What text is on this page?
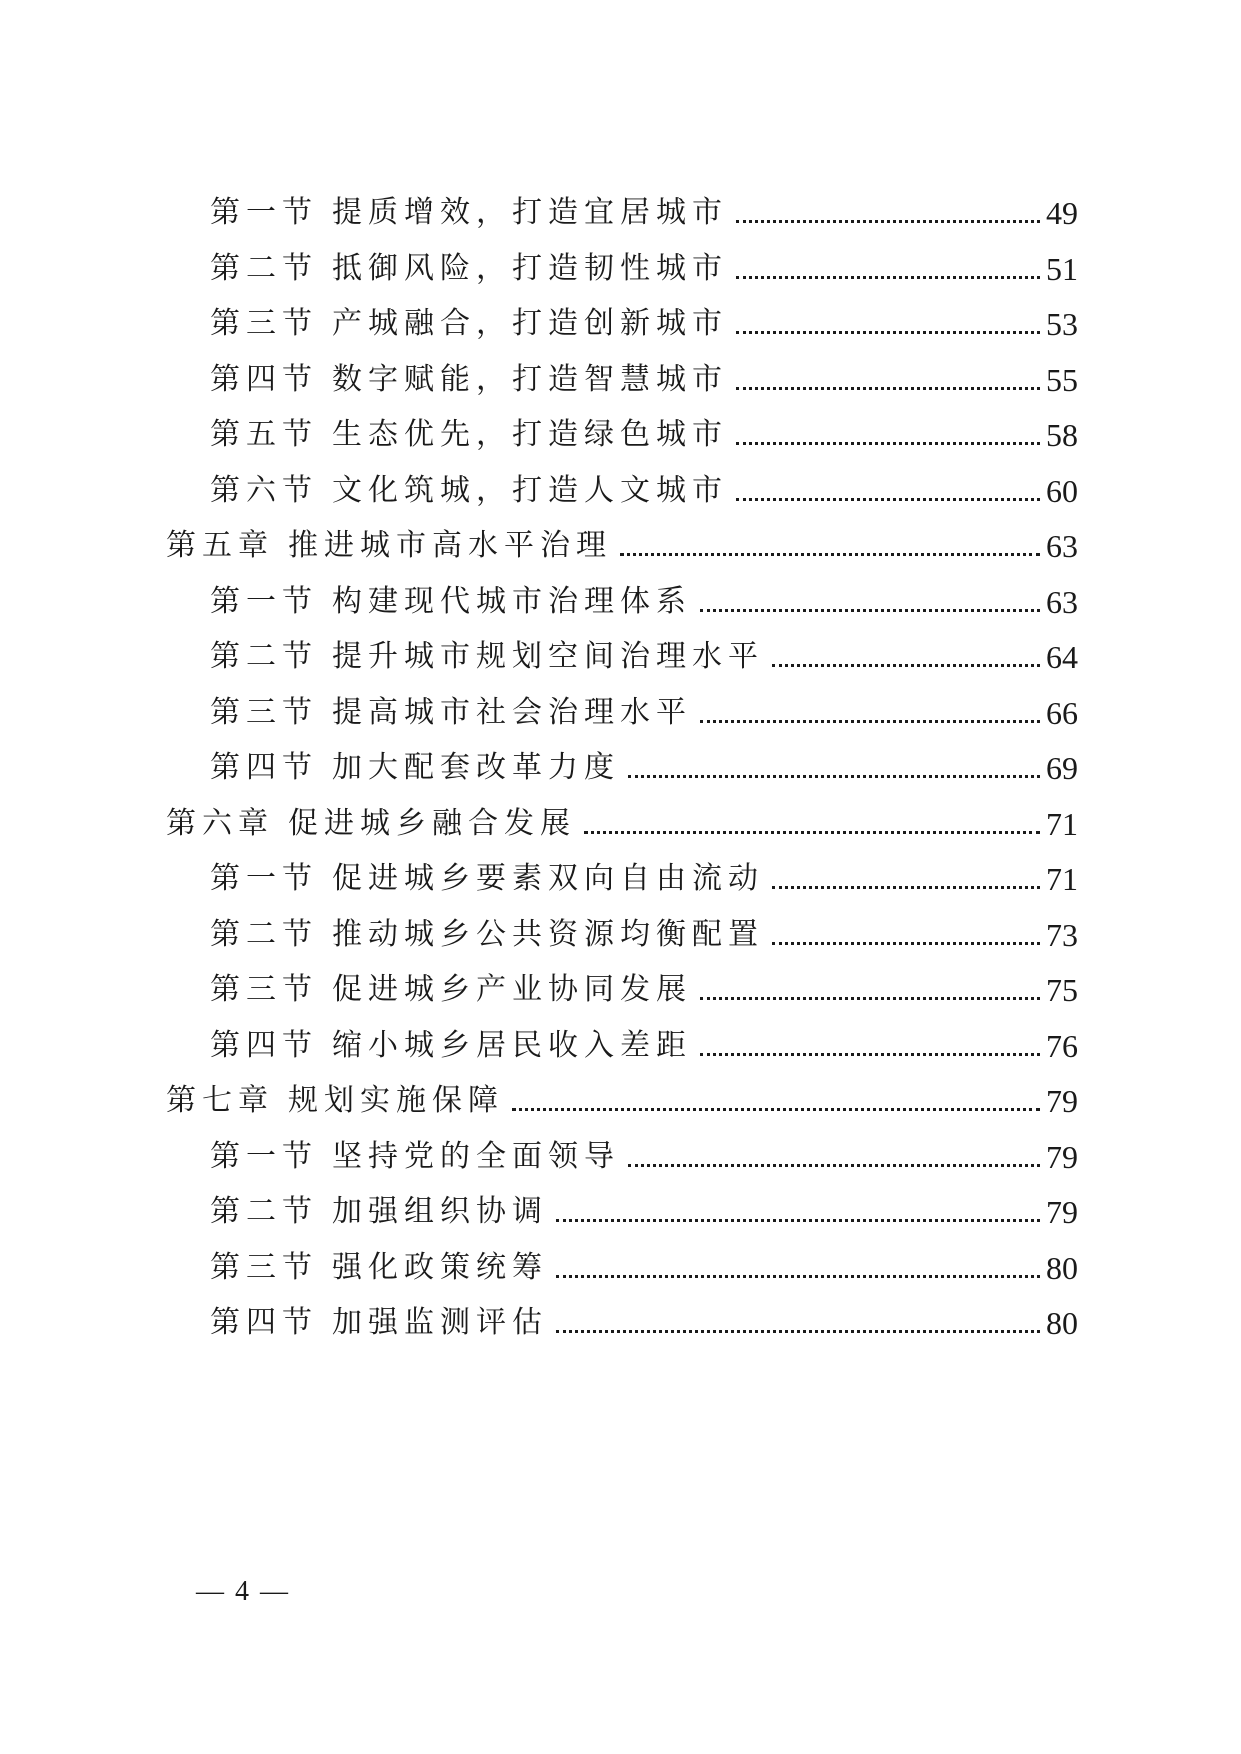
第一节 提质增效，打造宜居城市	49
第二节 抵御风险，打造韧性城市	51
第三节 产城融合，打造创新城市	53
第四节 数字赋能，打造智慧城市	55
第五节 生态优先，打造绿色城市	58
第六节 文化筑城，打造人文城市	60
第五章 推进城市高水平治理	63
第一节 构建现代城市治理体系	63
第二节 提升城市规划空间治理水平	64
第三节 提高城市社会治理水平	66
第四节 加大配套改革力度	69
第六章 促进城乡融合发展	71
第一节 促进城乡要素双向自由流动	71
第二节 推动城乡公共资源均衡配置	73
第三节 促进城乡产业协同发展	75
第四节 缩小城乡居民收入差距	76
第七章 规划实施保障	79
第一节 坚持党的全面领导	79
第二节 加强组织协调	79
第三节 强化政策统筹	80
第四节 加强监测评估	80
— 4 —
